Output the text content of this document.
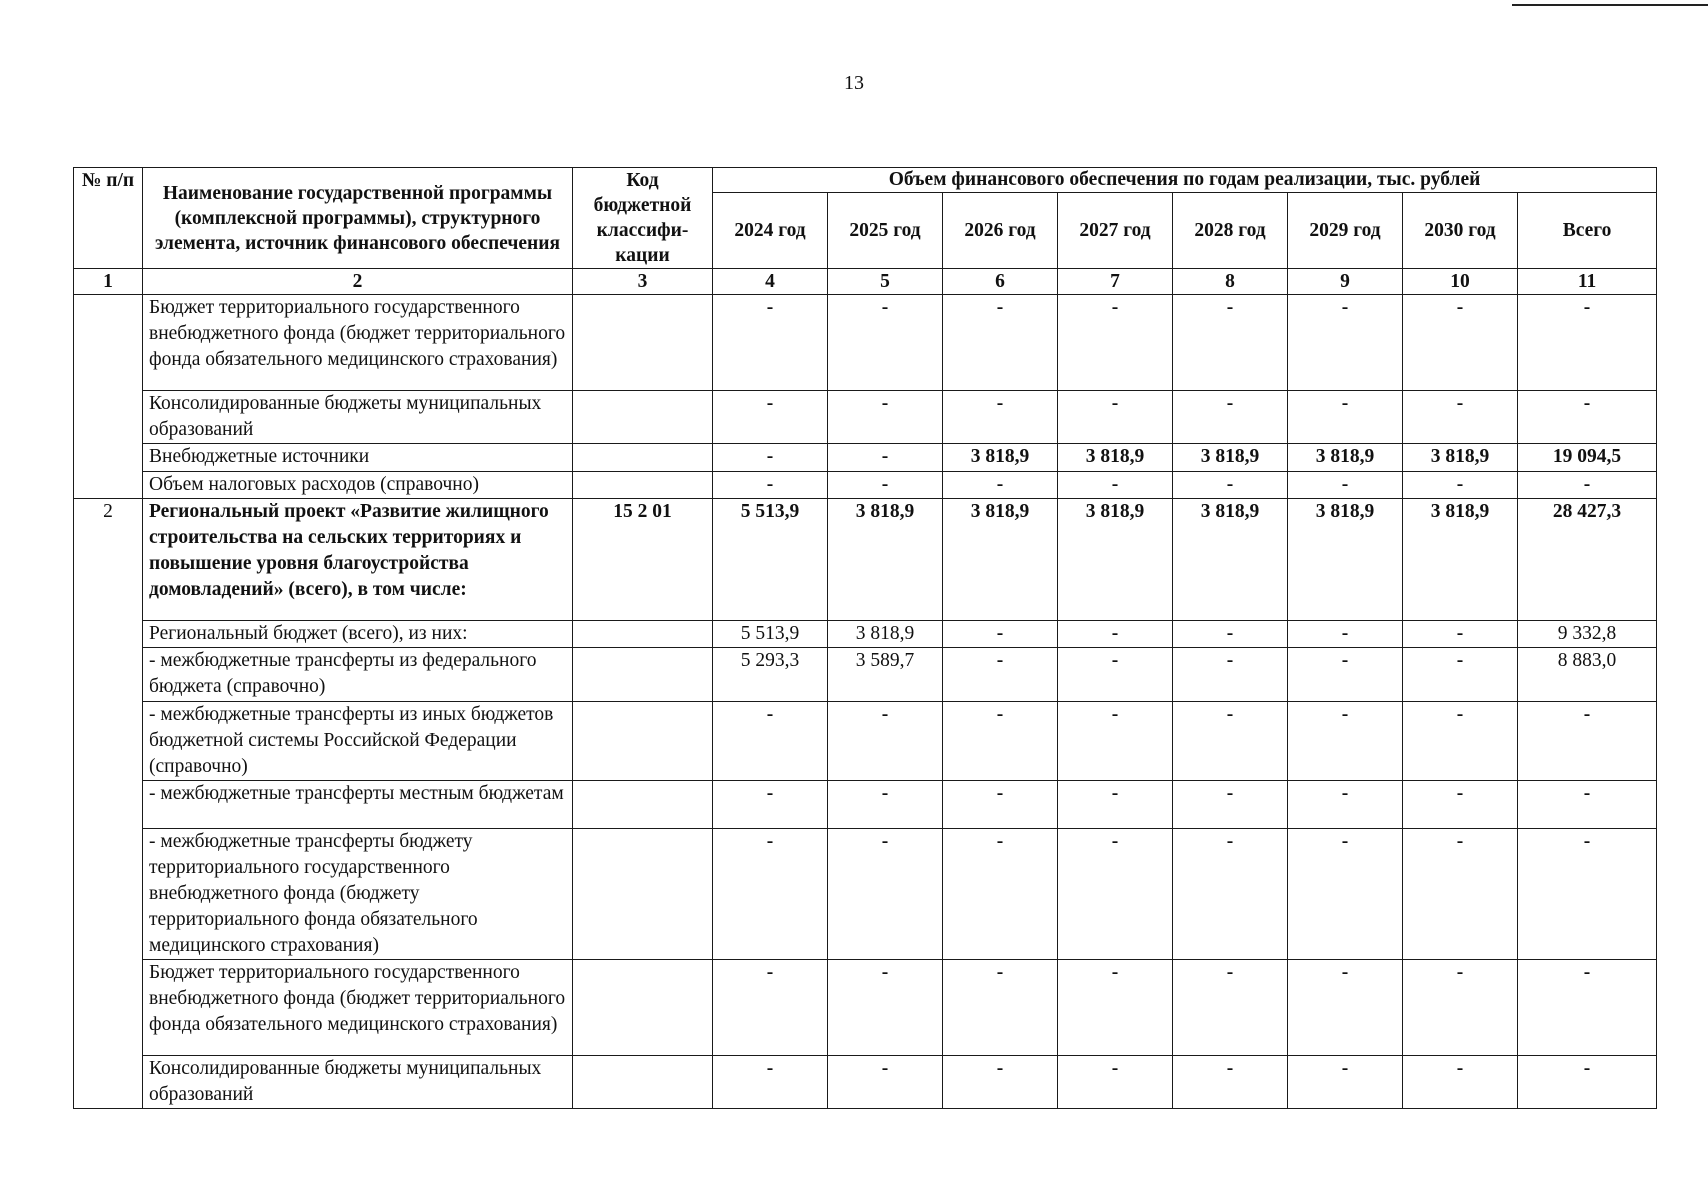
13
№ п/п	Наименование государственной программы (комплексной программы), структурного элемента, источник финансового обеспечения	Код бюджетной классифи-кации	Объем финансового обеспечения по годам реализации, тыс. рублей							
			2024 год	2025 год	2026 год	2027 год	2028 год	2029 год	2030 год	Всего
1	2	3	4	5	6	7	8	9	10	11
	Бюджет территориального государственного внебюджетного фонда (бюджет территориального фонда обязательного медицинского страхования)		-	-	-	-	-	-	-	-
	Консолидированные бюджеты муниципальных образований		-	-	-	-	-	-	-	-
	Внебюджетные источники		-	-	3 818,9	3 818,9	3 818,9	3 818,9	3 818,9	19 094,5
	Объем налоговых расходов (справочно)		-	-	-	-	-	-	-	-
2	Региональный проект «Развитие жилищного строительства на сельских территориях и повышение уровня благоустройства домовладений» (всего), в том числе:	15 2 01	5 513,9	3 818,9	3 818,9	3 818,9	3 818,9	3 818,9	3 818,9	28 427,3
	Региональный бюджет (всего), из них:		5 513,9	3 818,9	-	-	-	-	-	9 332,8
	- межбюджетные трансферты из федерального бюджета (справочно)		5 293,3	3 589,7	-	-	-	-	-	8 883,0
	- межбюджетные трансферты из иных бюджетов бюджетной системы Российской Федерации (справочно)		-	-	-	-	-	-	-	-
	- межбюджетные трансферты местным бюджетам		-	-	-	-	-	-	-	-
	- межбюджетные трансферты бюджету территориального государственного внебюджетного фонда (бюджету территориального фонда обязательного медицинского страхования)		-	-	-	-	-	-	-	-
	Бюджет территориального государственного внебюджетного фонда (бюджет территориального фонда обязательного медицинского страхования)		-	-	-	-	-	-	-	-
	Консолидированные бюджеты муниципальных образований		-	-	-	-	-	-	-	-
